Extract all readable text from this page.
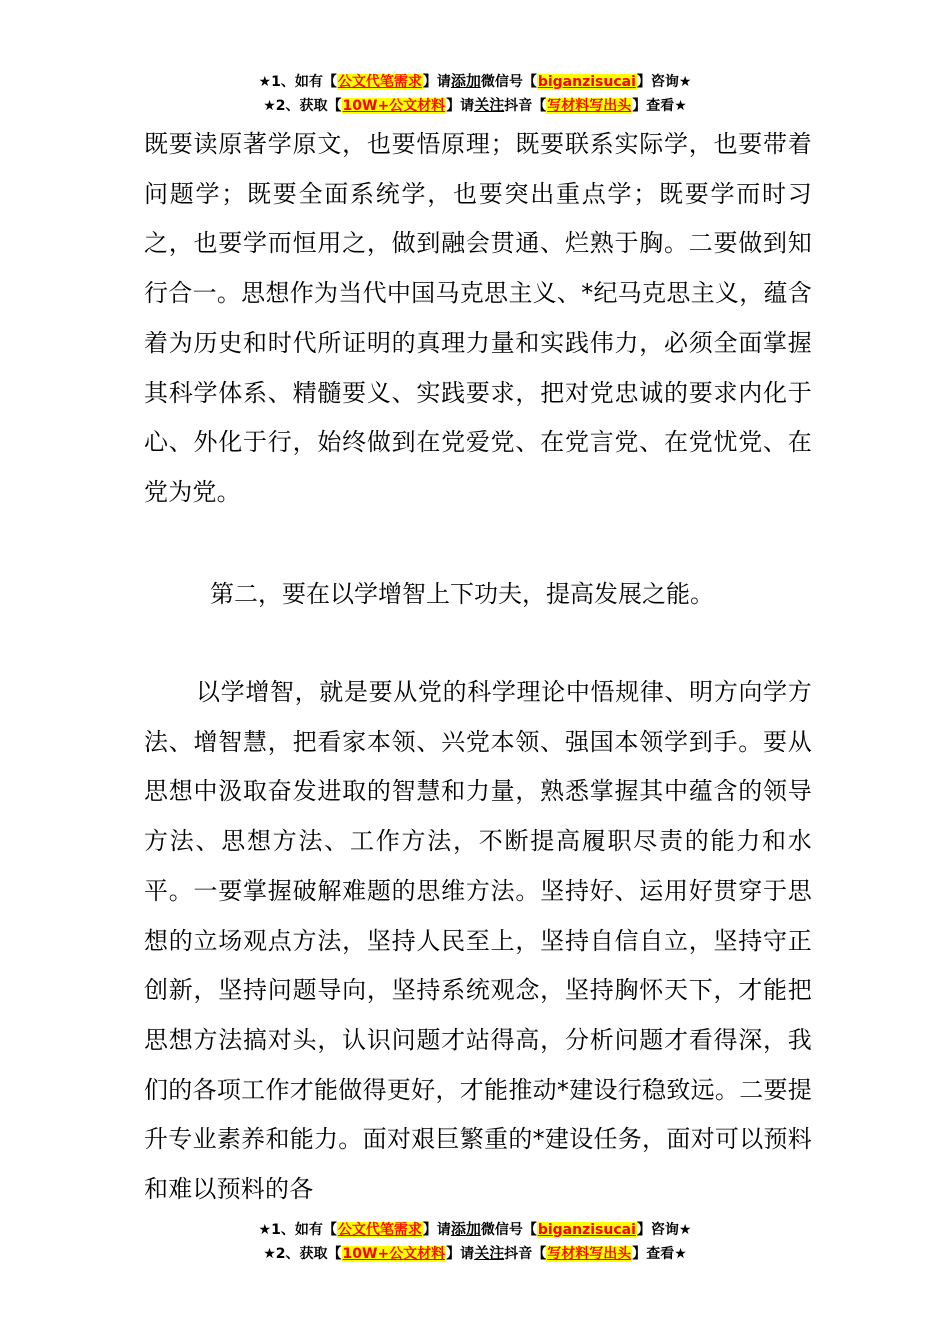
★1、如有【公文代笔需求】请添加微信号【biganzisucai】咨询★
★2、获取【10W+公文材料】请关注抖音【写材料写出头】查看★

既要读原著学原文，也要悟原理；既要联系实际学，也要带着问题学；既要全面系统学，也要突出重点学；既要学而时习之，也要学而恒用之，做到融会贯通、烂熟于胸。二要做到知行合一。思想作为当代中国马克思主义、*纪马克思主义，蕴含着为历史和时代所证明的真理力量和实践伟力，必须全面掌握其科学体系、精髓要义、实践要求，把对党忠诚的要求内化于心、外化于行，始终做到在党爱党、在党言党、在党忧党、在党为党。

第二，要在以学增智上下功夫，提高发展之能。

以学增智，就是要从党的科学理论中悟规律、明方向学方法、增智慧，把看家本领、兴党本领、强国本领学到手。要从思想中汲取奋发进取的智慧和力量，熟悉掌握其中蕴含的领导方法、思想方法、工作方法，不断提高履职尽责的能力和水平。一要掌握破解难题的思维方法。坚持好、运用好贯穿于思想的立场观点方法，坚持人民至上，坚持自信自立，坚持守正创新，坚持问题导向，坚持系统观念，坚持胸怀天下，才能把思想方法搞对头，认识问题才站得高，分析问题才看得深，我们的各项工作才能做得更好，才能推动*建设行稳致远。二要提升专业素养和能力。面对艰巨繁重的*建设任务，面对可以预料和难以预料的各

★1、如有【公文代笔需求】请添加微信号【biganzisucai】咨询★
★2、获取【10W+公文材料】请关注抖音【写材料写出头】查看★
